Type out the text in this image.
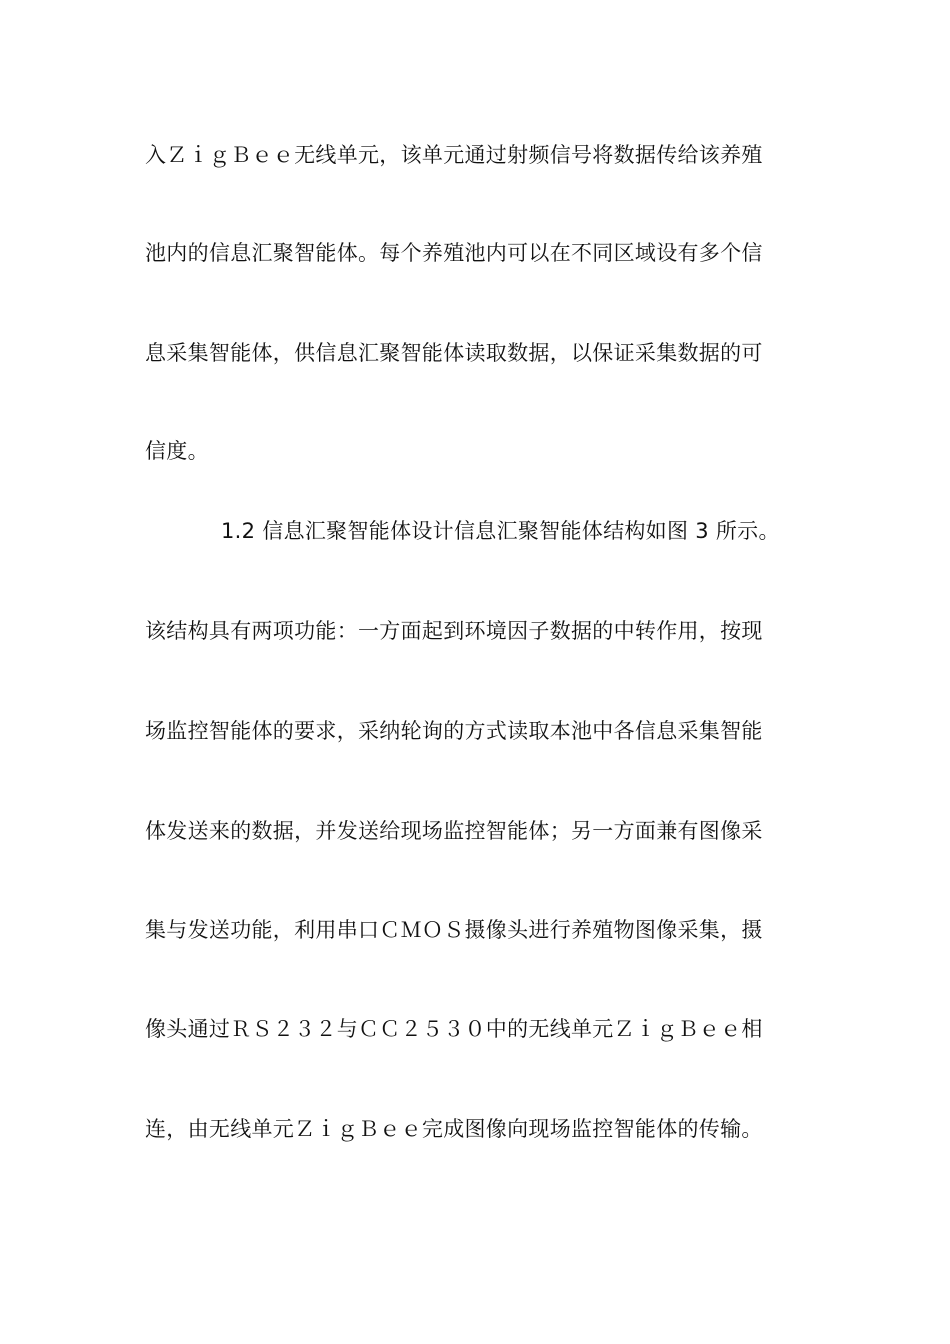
入ＺｉｇＢｅｅ无线单元，该单元通过射频信号将数据传给该养殖
池内的信息汇聚智能体。每个养殖池内可以在不同区域设有多个信
息采集智能体，供信息汇聚智能体读取数据，以保证采集数据的可
信度。
1.2 信息汇聚智能体设计信息汇聚智能体结构如图 3 所示。
该结构具有两项功能：一方面起到环境因子数据的中转作用，按现
场监控智能体的要求，采纳轮询的方式读取本池中各信息采集智能
体发送来的数据，并发送给现场监控智能体；另一方面兼有图像采
集与发送功能，利用串口ＣＭＯＳ摄像头进行养殖物图像采集，摄
像头通过ＲＳ２３２与ＣＣ２５３０中的无线单元ＺｉｇＢｅｅ相
连，由无线单元ＺｉｇＢｅｅ完成图像向现场监控智能体的传输。
